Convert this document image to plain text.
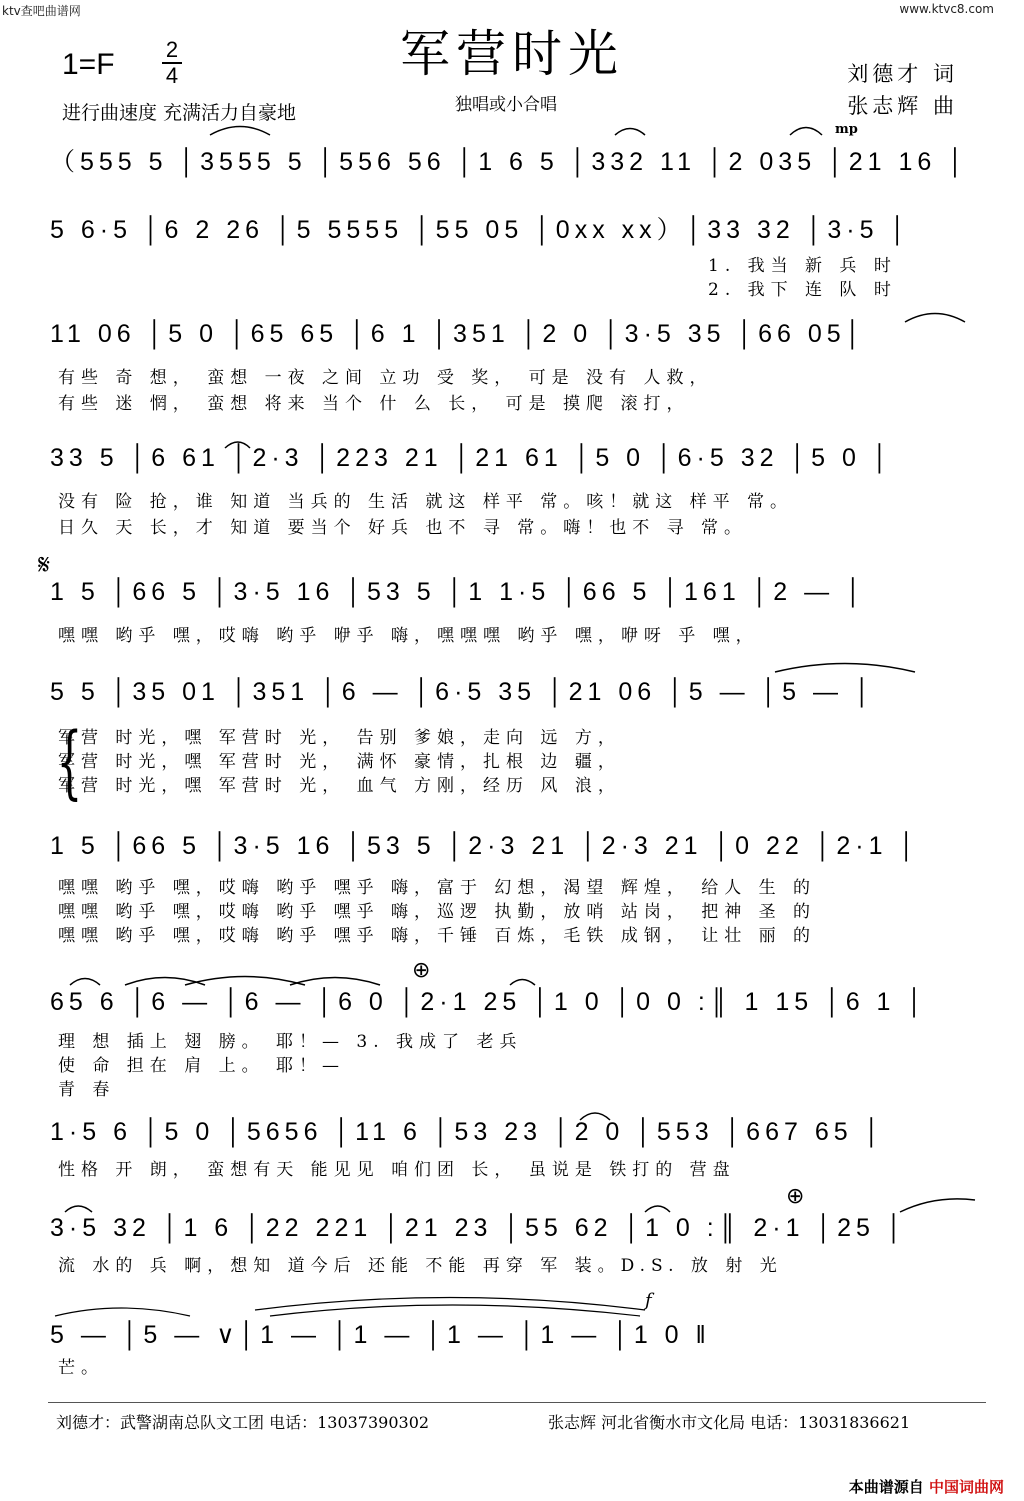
ktv查吧曲谱网	www.ktvc8.com
军营时光
1=F 2
4
进行曲速度 充满活力自豪地	独唱或小合唱
刘德才 词
张志辉 曲
mp
𝄋
{
（555 5 │3555 5 │556 56 │1 6 5 │332 11 │2 035 │21 16 │
5 6·5 │6 2 26 │5 5555 │55 05 │0xx xx）│33 32 │3·5 │
1. 我当 新 兵 时
2. 我下 连 队 时
11 06 │5 0 │65 65 │6 1 │351 │2 0 │3·5 35 │66 05│
有些 奇 想， 蛮想 一夜 之间 立功 受 奖， 可是 没有 人救，
有些 迷 惘， 蛮想 将来 当个 什 么 长， 可是 摸爬 滚打，
33 5 │6 61 │2·3 │223 21 │21 61 │5 0 │6·5 32 │5 0 │
没有 险 抢，谁 知道 当兵的 生活 就这 样平 常。咳！就这 样平 常。
日久 天 长，才 知道 要当个 好兵 也不 寻 常。嗨！也不 寻 常。
1 5 │66 5 │3·5 16 │53 5 │1 1·5 │66 5 │161 │2 — │
嘿嘿 哟乎 嘿，哎嗨 哟乎 咿乎 嗨，嘿嘿嘿 哟乎 嘿，咿呀 乎 嘿，
5 5 │35 01 │351 │6 — │6·5 35 │21 06 │5 — │5 — │
军营 时光，嘿 军营时 光， 告别 爹娘，走向 远 方，
军营 时光，嘿 军营时 光， 满怀 豪情，扎根 边 疆，
军营 时光，嘿 军营时 光， 血气 方刚，经历 风 浪，
1 5 │66 5 │3·5 16 │53 5 │2·3 21 │2·3 21 │0 22 │2·1 │
嘿嘿 哟乎 嘿，哎嗨 哟乎 嘿乎 嗨，富于 幻想，渴望 辉煌， 给人 生 的
嘿嘿 哟乎 嘿，哎嗨 哟乎 嘿乎 嗨，巡逻 执勤，放哨 站岗， 把神 圣 的
嘿嘿 哟乎 嘿，哎嗨 哟乎 嘿乎 嗨，千锤 百炼，毛铁 成钢， 让壮 丽 的
⊕
65 6 │6 — │6 — │6 0 │2·1 25 │1 0 │0 0 :║ 1 15 │6 1 │
理 想 插上 翅 膀。 耶！— 3. 我成了 老兵
使 命 担在 肩 上。 耶！—
青 春
1·5 6 │5 0 │5656 │11 6 │53 23 │2 0 │553 │667 65 │
性格 开 朗， 蛮想有天 能见见 咱们团 长， 虽说是 铁打的 营盘
⊕
3·5 32 │1 6 │22 221 │21 23 │55 62 │1 0 :║ 2·1 │25 │
流 水的 兵 啊，想知 道今后 还能 不能 再穿 军 装。D.S. 放 射 光
f
5 — │5 — ∨│1 — │1 — │1 — │1 — │1 0 ‖
芒。
刘德才：武警湖南总队文工团 电话：13037390302	张志辉 河北省衡水市文化局 电话：13031836621
本曲谱源自 中国词曲网
